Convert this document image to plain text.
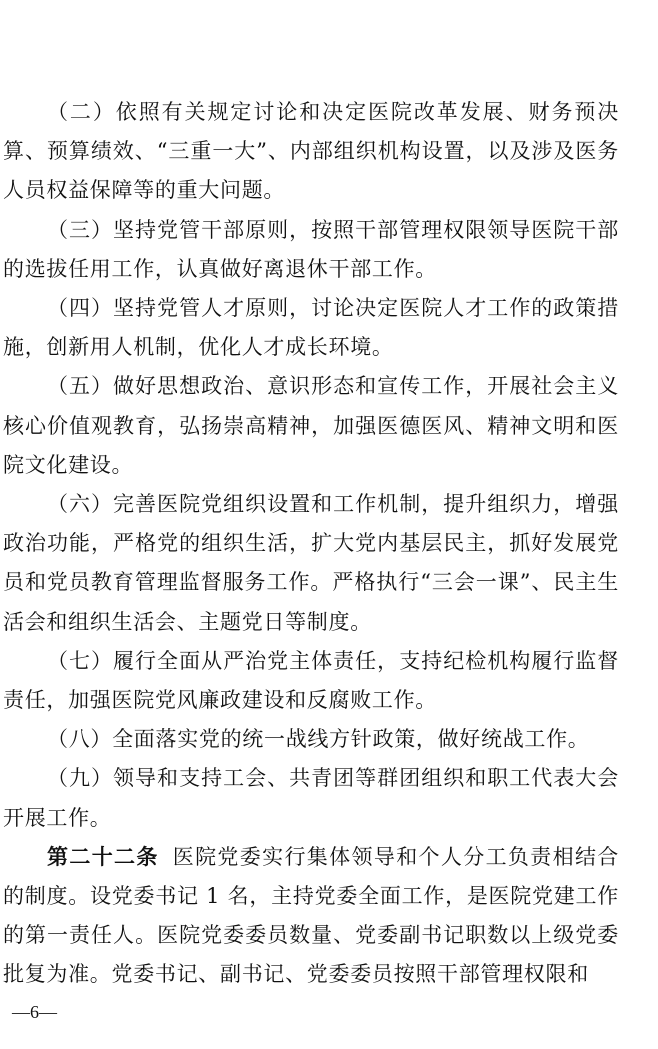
（二）依照有关规定讨论和决定医院改革发展、财务预决算、预算绩效、“三重一大”、内部组织机构设置，以及涉及医务人员权益保障等的重大问题。

（三）坚持党管干部原则，按照干部管理权限领导医院干部的选拔任用工作，认真做好离退休干部工作。

（四）坚持党管人才原则，讨论决定医院人才工作的政策措施，创新用人机制，优化人才成长环境。

（五）做好思想政治、意识形态和宣传工作，开展社会主义核心价值观教育，弘扬崇高精神，加强医德医风、精神文明和医院文化建设。

（六）完善医院党组织设置和工作机制，提升组织力，增强政治功能，严格党的组织生活，扩大党内基层民主，抓好发展党员和党员教育管理监督服务工作。严格执行“三会一课”、民主生活会和组织生活会、主题党日等制度。

（七）履行全面从严治党主体责任，支持纪检机构履行监督责任，加强医院党风廉政建设和反腐败工作。

（八）全面落实党的统一战线方针政策，做好统战工作。

（九）领导和支持工会、共青团等群团组织和职工代表大会开展工作。

第二十二条 医院党委实行集体领导和个人分工负责相结合的制度。设党委书记 1 名，主持党委全面工作，是医院党建工作的第一责任人。医院党委委员数量、党委副书记职数以上级党委批复为准。党委书记、副书记、党委委员按照干部管理权限和

—6—
